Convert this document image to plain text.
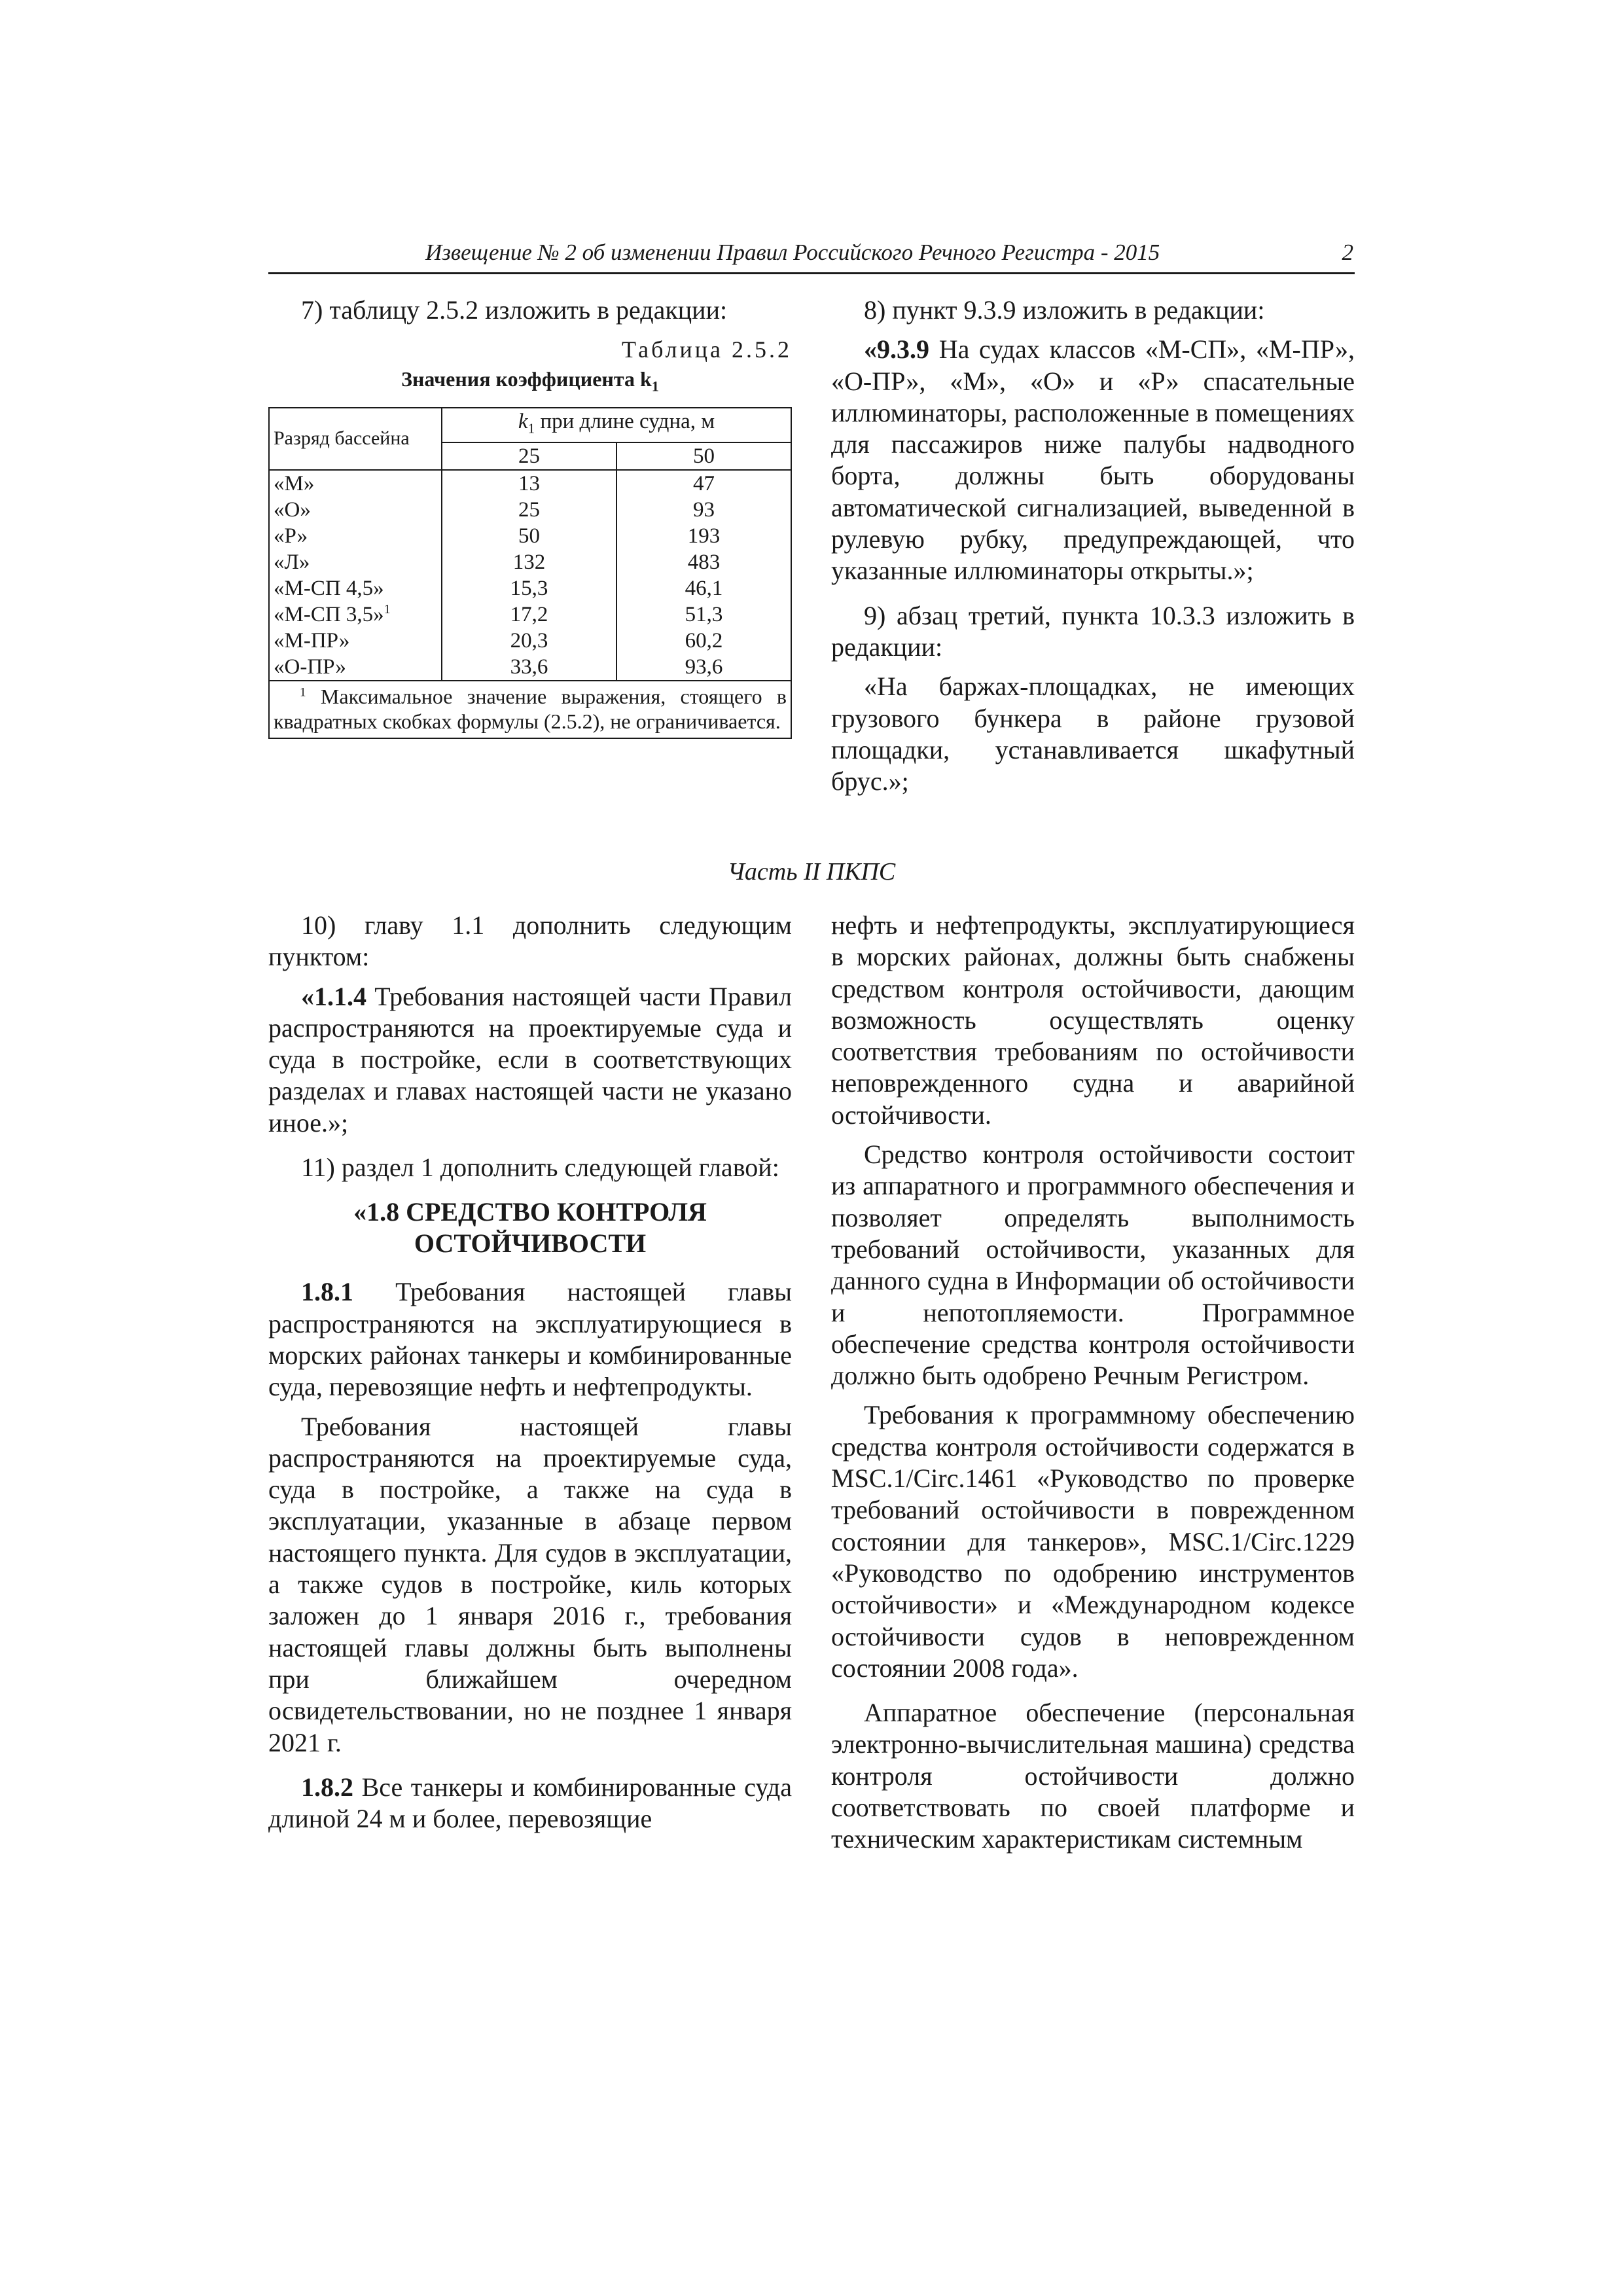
Извещение № 2 об изменении Правил Российского Речного Регистра - 2015	2

7) таблицу 2.5.2 изложить в редакции:

Таблица 2.5.2
Значения коэффициента $k_1$
Разряд бассейна	$k_1$ при длине судна, м	
	25	50
«М»	13	47
«О»	25	93
«Р»	50	193
«Л»	132	483
«М-СП 4,5»	15,3	46,1
«М-СП 3,5»$^1$	17,2	51,3
«М-ПР»	20,3	60,2
«О-ПР»	33,6	93,6
$^1$ Максимальное значение выражения, стоящего в квадратных скобках формулы (2.5.2), не ограничивается.		

8) пункт 9.3.9 изложить в редакции:

«9.3.9 На судах классов «М-СП», «М-ПР», «О-ПР», «М», «О» и «Р» спасательные иллюминаторы, расположенные в помещениях для пассажиров ниже палубы надводного борта, должны быть оборудованы автоматической сигнализацией, выведенной в рулевую рубку, предупреждающей, что указанные иллюминаторы открыты.»;

9) абзац третий, пункта 10.3.3 изложить в редакции:

«На баржах-площадках, не имеющих грузового бункера в районе грузовой площадки, устанавливается шкафутный брус.»;

Часть II ПКПС

10) главу 1.1 дополнить следующим пунктом:

«1.1.4 Требования настоящей части Правил распространяются на проектируемые суда и суда в постройке, если в соответствующих разделах и главах настоящей части не указано иное.»;

11) раздел 1 дополнить следующей главой:

«1.8 СРЕДСТВО КОНТРОЛЯ
ОСТОЙЧИВОСТИ

1.8.1 Требования настоящей главы распространяются на эксплуатирующиеся в морских районах танкеры и комбинированные суда, перевозящие нефть и нефтепродукты.

Требования настоящей главы распространяются на проектируемые суда, суда в постройке, а также на суда в эксплуатации, указанные в абзаце первом настоящего пункта. Для судов в эксплуатации, а также судов в постройке, киль которых заложен до 1 января 2016 г., требования настоящей главы должны быть выполнены при ближайшем очередном освидетельствовании, но не позднее 1 января 2021 г.

1.8.2 Все танкеры и комбинированные суда длиной 24 м и более, перевозящие

нефть и нефтепродукты, эксплуатирующиеся в морских районах, должны быть снабжены средством контроля остойчивости, дающим возможность осуществлять оценку соответствия требованиям по остойчивости неповрежденного судна и аварийной остойчивости.

Средство контроля остойчивости состоит из аппаратного и программного обеспечения и позволяет определять выполнимость требований остойчивости, указанных для данного судна в Информации об остойчивости и непотопляемости. Программное обеспечение средства контроля остойчивости должно быть одобрено Речным Регистром.

Требования к программному обеспечению средства контроля остойчивости содержатся в MSC.1/Circ.1461 «Руководство по проверке требований остойчивости в поврежденном состоянии для танкеров», MSC.1/Circ.1229 «Руководство по одобрению инструментов остойчивости» и «Международном кодексе остойчивости судов в неповрежденном состоянии 2008 года».

Аппаратное обеспечение (персональная электронно-вычислительная машина) средства контроля остойчивости должно соответствовать по своей платформе и техническим характеристикам системным
